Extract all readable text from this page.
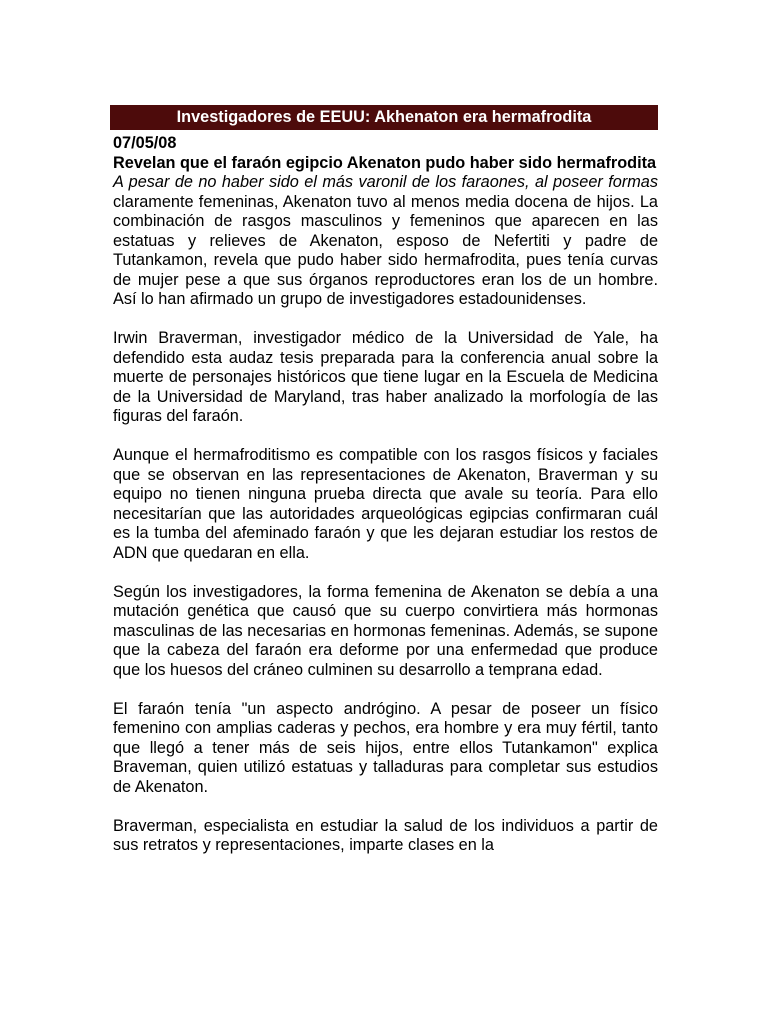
Investigadores de EEUU: Akhenaton era hermafrodita
07/05/08
Revelan que el faraón egipcio Akenaton pudo haber sido hermafrodita

A pesar de no haber sido el más varonil de los faraones, al poseer formas claramente femeninas, Akenaton tuvo al menos media docena de hijos. La combinación de rasgos masculinos y femeninos que aparecen en las estatuas y relieves de Akenaton, esposo de Nefertiti y padre de Tutankamon, revela que pudo haber sido hermafrodita, pues tenía curvas de mujer pese a que sus órganos reproductores eran los de un hombre. Así lo han afirmado un grupo de investigadores estadounidenses.

Irwin Braverman, investigador médico de la Universidad de Yale, ha defendido esta audaz tesis preparada para la conferencia anual sobre la muerte de personajes históricos que tiene lugar en la Escuela de Medicina de la Universidad de Maryland, tras haber analizado la morfología de las figuras del faraón.

Aunque el hermafroditismo es compatible con los rasgos físicos y faciales que se observan en las representaciones de Akenaton, Braverman y su equipo no tienen ninguna prueba directa que avale su teoría. Para ello necesitarían que las autoridades arqueológicas egipcias confirmaran cuál es la tumba del afeminado faraón y que les dejaran estudiar los restos de ADN que quedaran en ella.

Según los investigadores, la forma femenina de Akenaton se debía a una mutación genética que causó que su cuerpo convirtiera más hormonas masculinas de las necesarias en hormonas femeninas. Además, se supone que la cabeza del faraón era deforme por una enfermedad que produce que los huesos del cráneo culminen su desarrollo a temprana edad.

El faraón tenía "un aspecto andrógino. A pesar de poseer un físico femenino con amplias caderas y pechos, era hombre y era muy fértil, tanto que llegó a tener más de seis hijos, entre ellos Tutankamon" explica Braveman, quien utilizó estatuas y talladuras para completar sus estudios de Akenaton.

Braverman, especialista en estudiar la salud de los individuos a partir de sus retratos y representaciones, imparte clases en la
